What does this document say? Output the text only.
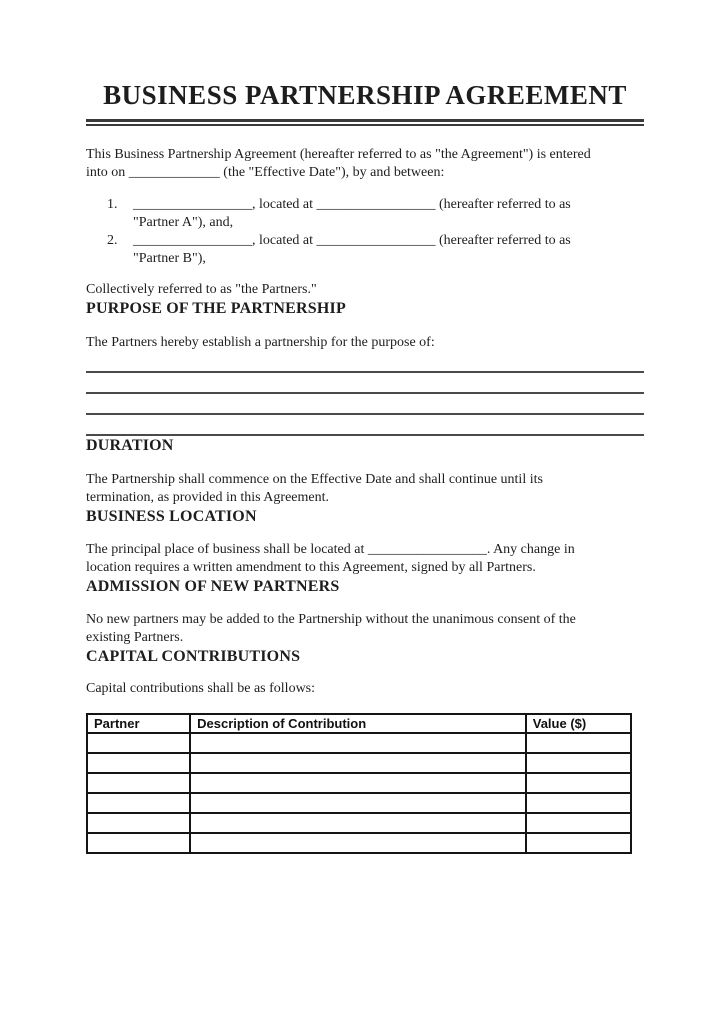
BUSINESS PARTNERSHIP AGREEMENT
This Business Partnership Agreement (hereafter referred to as "the Agreement") is entered
into on _____________ (the "Effective Date"), by and between:
1.	_________________, located at _________________ (hereafter referred to as
"Partner A"), and,
2.	_________________, located at _________________ (hereafter referred to as
"Partner B"),
Collectively referred to as "the Partners."
PURPOSE OF THE PARTNERSHIP
The Partners hereby establish a partnership for the purpose of:
DURATION
The Partnership shall commence on the Effective Date and shall continue until its
termination, as provided in this Agreement.
BUSINESS LOCATION
The principal place of business shall be located at _________________. Any change in
location requires a written amendment to this Agreement, signed by all Partners.
ADMISSION OF NEW PARTNERS
No new partners may be added to the Partnership without the unanimous consent of the
existing Partners.
CAPITAL CONTRIBUTIONS
Capital contributions shall be as follows:
Partner	Description of Contribution	Value ($)
